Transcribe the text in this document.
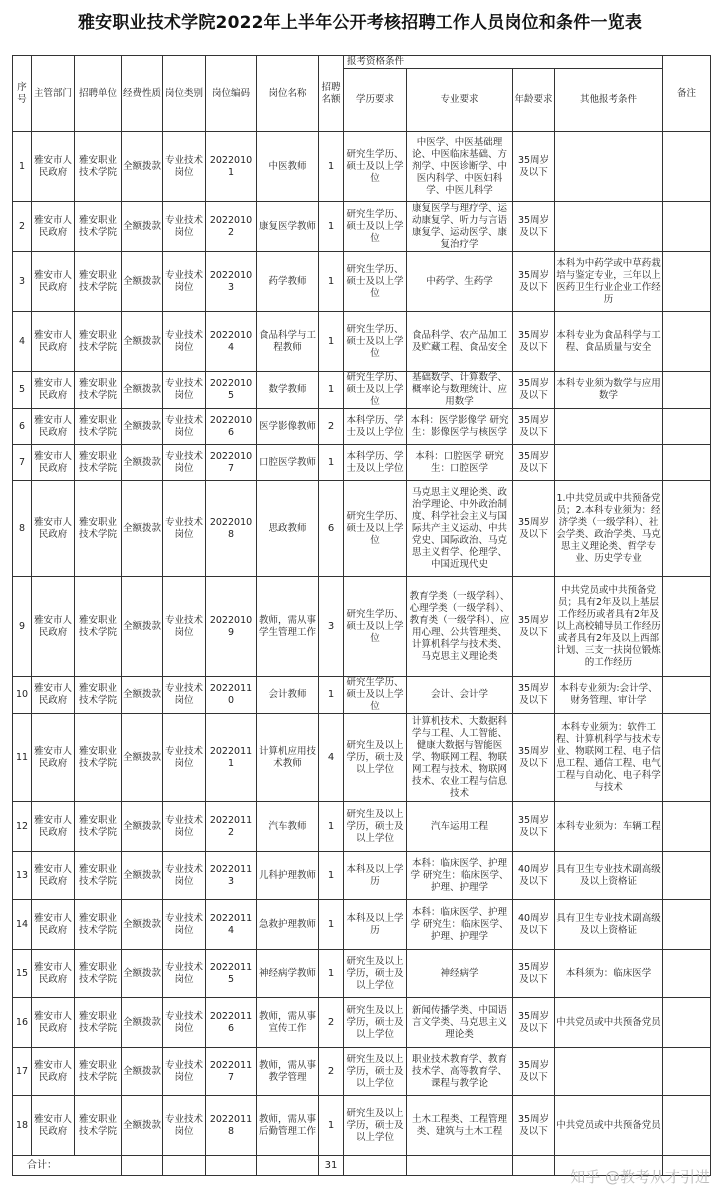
雅安职业技术学院2022年上半年公开考核招聘工作人员岗位和条件一览表
序号	主管部门	招聘单位	经费性质	岗位类别	岗位编码	岗位名称	招聘名额	报考资格条件				备注
								学历要求	专业要求	年龄要求	其他报考条件	
1	雅安市人民政府	雅安职业技术学院	全额拨款	专业技术岗位	20220101	中医教师	1	研究生学历、硕士及以上学位	中医学、中医基础理论、中医临床基础、方剂学、中医诊断学、中医内科学、中医妇科学、中医儿科学	35周岁及以下		
2	雅安市人民政府	雅安职业技术学院	全额拨款	专业技术岗位	20220102	康复医学教师	1	研究生学历、硕士及以上学位	康复医学与理疗学、运动康复学、听力与言语康复学、运动医学、康复治疗学	35周岁及以下		
3	雅安市人民政府	雅安职业技术学院	全额拨款	专业技术岗位	20220103	药学教师	1	研究生学历、硕士及以上学位	中药学、生药学	35周岁及以下	本科为中药学或中草药栽培与鉴定专业，三年以上医药卫生行业企业工作经历	
4	雅安市人民政府	雅安职业技术学院	全额拨款	专业技术岗位	20220104	食品科学与工程教师	1	研究生学历、硕士及以上学位	食品科学、农产品加工及贮藏工程、食品安全	35周岁及以下	本科专业为食品科学与工程、食品质量与安全	
5	雅安市人民政府	雅安职业技术学院	全额拨款	专业技术岗位	20220105	数学教师	1	研究生学历、硕士及以上学位	基础数学、计算数学、概率论与数理统计、应用数学	35周岁及以下	本科专业须为数学与应用数学	
6	雅安市人民政府	雅安职业技术学院	全额拨款	专业技术岗位	20220106	医学影像教师	2	本科学历、学士及以上学位	本科：医学影像学 研究生：影像医学与核医学	35周岁及以下		
7	雅安市人民政府	雅安职业技术学院	全额拨款	专业技术岗位	20220107	口腔医学教师	1	本科学历、学士及以上学位	本科：口腔医学 研究生：口腔医学	35周岁及以下		
8	雅安市人民政府	雅安职业技术学院	全额拨款	专业技术岗位	20220108	思政教师	6	研究生学历、硕士及以上学位	马克思主义理论类、政治学理论、中外政治制度、科学社会主义与国际共产主义运动、中共党史、国际政治、马克思主义哲学、伦理学、中国近现代史	35周岁及以下	1.中共党员或中共预备党员；2.本科专业须为：经济学类（一级学科）、社会学类、政治学类、马克思主义理论类、哲学专业、历史学专业	
9	雅安市人民政府	雅安职业技术学院	全额拨款	专业技术岗位	20220109	教师，需从事学生管理工作	3	研究生学历、硕士及以上学位	教育学类（一级学科）、心理学类（一级学科）、教育类（一级学科）、应用心理、公共管理类、计算机科学与技术类、马克思主义理论类	35周岁及以下	中共党员或中共预备党员；具有2年及以上基层工作经历或者具有2年及以上高校辅导员工作经历或者具有2年及以上西部计划、三支一扶岗位锻炼的工作经历	
10	雅安市人民政府	雅安职业技术学院	全额拨款	专业技术岗位	20220110	会计教师	1	研究生学历、硕士及以上学位	会计、会计学	35周岁及以下	本科专业须为:会计学、财务管理、审计学	
11	雅安市人民政府	雅安职业技术学院	全额拨款	专业技术岗位	20220111	计算机应用技术教师	4	研究生及以上学历，硕士及以上学位	计算机技术、大数据科学与工程、人工智能、健康大数据与智能医学、物联网工程、物联网工程与技术、物联网技术、农业工程与信息技术	35周岁及以下	本科专业须为：软件工程、计算机科学与技术专业、物联网工程、电子信息工程、通信工程、电气工程与自动化、电子科学与技术	
12	雅安市人民政府	雅安职业技术学院	全额拨款	专业技术岗位	20220112	汽车教师	1	研究生及以上学历，硕士及以上学位	汽车运用工程	35周岁及以下	本科专业须为：车辆工程	
13	雅安市人民政府	雅安职业技术学院	全额拨款	专业技术岗位	20220113	儿科护理教师	1	本科及以上学历	本科：临床医学、护理学 研究生：临床医学、护理、护理学	40周岁及以下	具有卫生专业技术副高级及以上资格证	
14	雅安市人民政府	雅安职业技术学院	全额拨款	专业技术岗位	20220114	急救护理教师	1	本科及以上学历	本科：临床医学、护理学 研究生：临床医学、护理、护理学	40周岁及以下	具有卫生专业技术副高级及以上资格证	
15	雅安市人民政府	雅安职业技术学院	全额拨款	专业技术岗位	20220115	神经病学教师	1	研究生及以上学历，硕士及以上学位	神经病学	35周岁及以下	本科须为：临床医学	
16	雅安市人民政府	雅安职业技术学院	全额拨款	专业技术岗位	20220116	教师，需从事宣传工作	2	研究生及以上学历，硕士及以上学位	新闻传播学类、中国语言文学类、马克思主义理论类	35周岁及以下	中共党员或中共预备党员	
17	雅安市人民政府	雅安职业技术学院	全额拨款	专业技术岗位	20220117	教师，需从事教学管理	2	研究生及以上学历，硕士及以上学位	职业技术教育学、教育技术学、高等教育学、课程与教学论	35周岁及以下		
18	雅安市人民政府	雅安职业技术学院	全额拨款	专业技术岗位	20220118	教师，需从事后勤管理工作	1	研究生及以上学历，硕士及以上学位	土木工程类、工程管理类、建筑与土木工程	35周岁及以下	中共党员或中共预备党员	
合计：							31					
知乎 @教考从才引进
